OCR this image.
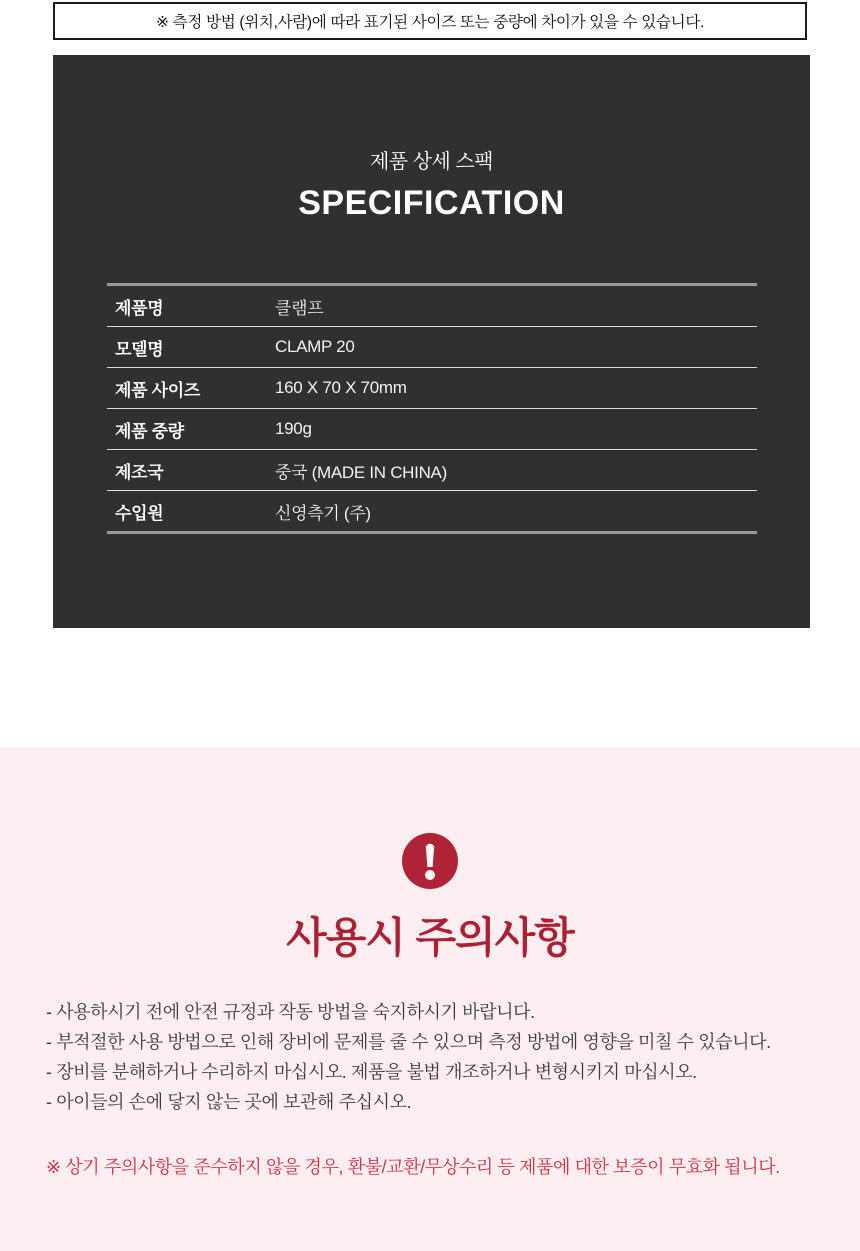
※ 측정 방법 (위치,사람)에 따라 표기된 사이즈 또는 중량에 차이가 있을 수 있습니다.
제품 상세 스팩
SPECIFICATION
제품명	클램프
모델명	CLAMP 20
제품 사이즈	160 X 70 X 70mm
제품 중량	190g
제조국	중국 (MADE IN CHINA)
수입원	신영측기 (주)
사용시 주의사항
- 사용하시기 전에 안전 규정과 작동 방법을 숙지하시기 바랍니다.
- 부적절한 사용 방법으로 인해 장비에 문제를 줄 수 있으며 측정 방법에 영향을 미칠 수 있습니다.
- 장비를 분해하거나 수리하지 마십시오. 제품을 불법 개조하거나 변형시키지 마십시오.
- 아이들의 손에 닿지 않는 곳에 보관해 주십시오.
※ 상기 주의사항을 준수하지 않을 경우, 환불/교환/무상수리 등 제품에 대한 보증이 무효화 됩니다.
